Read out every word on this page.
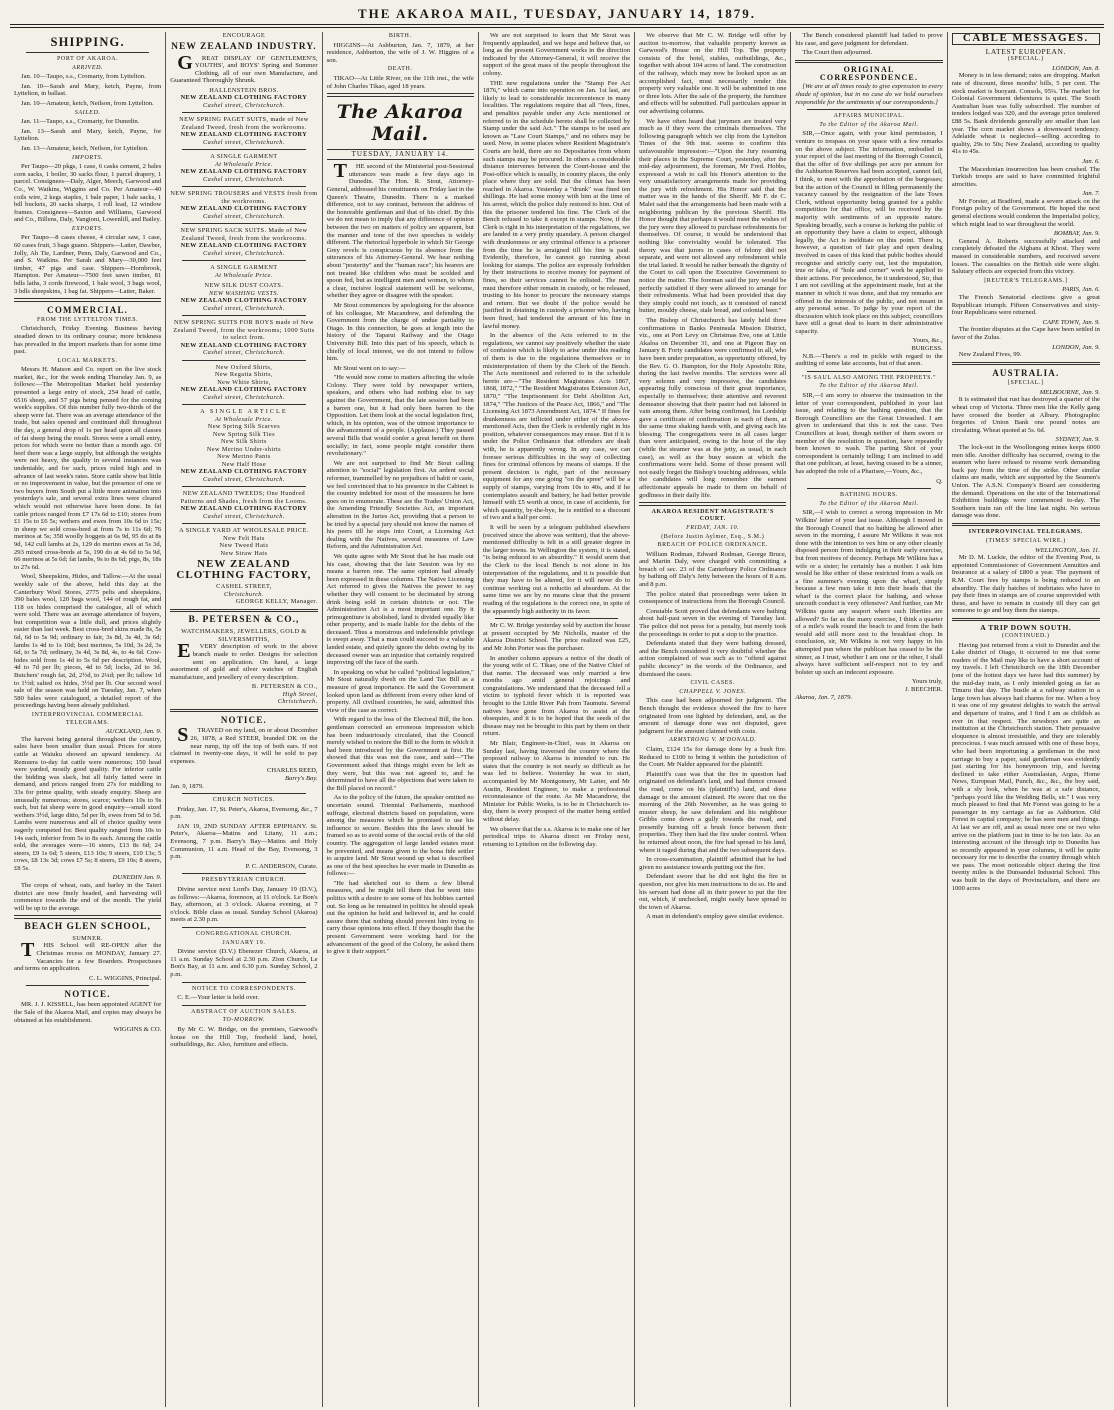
THE AKAROA MAIL, TUESDAY, JANUARY 14, 1879.
SHIPPING.
PORT OF AKAROA.
ARRIVED.

Jan. 10—Taupo, s.s., Cromarty, from Lyttelton.

Jan. 10—Sarah and Mary, ketch, Payne, from Lyttelton, in ballast.

Jan. 10—Amateur, ketch, Neilson, from Lyttelton.

SAILED.

Jan. 11—Taupo, s.s., Cromarty, for Dunedin.

Jan. 13—Sarah and Mary, ketch, Payne, for Lyttelton.

Jan. 13—Amateur, ketch, Neilson, for Lyttelton.

IMPORTS.

Per Taupo—20 pkgs, 1 case, 6 casks cement, 2 bales corn sacks, 1 boiler, 30 sacks flour, 1 parcel drapery, 1 parcel. Consignees—Daly, Alger, Meech, Garwood and Co., W. Watkins, Wiggins and Co. Per Amateur—40 coils wire, 2 kegs staples, 1 bale paper, 1 bale sacks, 1 bdl buckets, 20 sacks sharps, 1 roll lead, 12 window frames. Consignees—Saxton and Williams, Garwood and Co., Billens, Daly, Vangioni, Lowenlill, and Bailey.

EXPORTS.

Per Taupo—8 cases cheese, 4 circular saw, 1 case, 60 cases fruit, 3 bags guano. Shippers—Latter, Dawber, Jolly, Ah Tie, Lardner, Penn, Daly, Garwood and Co., and S. Watkins. Per Sarah and Mary—30,000 feet timber, 47 pigs and case. Shippers—Hornbrook, Hampton. Per Amateur—7500 feet sawn timber, 81 bdls laths, 3 cords firewood, 1 bale wool, 3 bags wool, 3 bdls sheepskins, 1 bag fat. Shippers—Latter, Baker.

COMMERCIAL.
FROM THE LYTTELTON TIMES.

Christchurch, Friday Evening. Business having steadied down to its ordinary course; more briskness has prevailed in the import markets than for some time past.

LOCAL MARKETS.

Messrs H. Matson and Co. report on the live stock market, &c., for the week ending Thursday Jan. 9, as follows:—The Metropolitan Market held yesterday presented a large entry of stock, 254 head of cattle, 6516 sheep, and 57 pigs being penned for the coming week's supplies. Of this number fully two-thirds of the sheep were fat. There was an average attendance of the trade, but sales opened and continued dull throughout the day, a general drop of 1s per head upon all classes of fat sheep being the result. Stores were a small entry, prices for which were no better than a month ago. Of beef there was a large supply, but although the weights were not heavy, the quality in several instances was undeniable, and for such, prices ruled high and in advance of last week's rates. Store cattle show but little or no improvement in value, but the presence of one or two buyers from South put a little more animation into yesterday's sale, and several extra lines were cleared which would not otherwise have been done. In fat cattle prices ranged from £7 17s 6d to £10; stores from £1 15s to £6 5s; wethers and ewes from 10s 6d to 15s; in sheep we sold cross-bred at from 7s to 11s 6d; 76 merinos at 5s; 358 woolly hoggets at 6s 9d, 95 do at 8s 9d, 142 cull lambs at 2s, 129 do merino ewes at 5s 3d, 293 mixed cross-breds at 5s, 190 do at 4s 6d to 5s 9d, 66 merinos at 5s 6d; fat lambs, 9s to 8s 6d; pigs, 8s, 18s to 27s 6d.

Wool, Sheepskins, Hides, and Tallow.—At the usual weekly sale of the above, held this day at the Canterbury Wool Stores, 2775 pelts and sheepskins, 390 bales wool, 120 bags wool, 144 of rough fat, and 118 ox hides comprised the catalogue, all of which were sold. There was an average attendance of buyers, but competition was a little dull, and prices slightly easier than last week. Best cross-bred skins made 8s, 5s 6d, 6d to 5s 9d; ordinary to fair, 3s 8d, 3s 4d, 3s 6d; lambs 1s 4d to 1s 10d; best merinos, 5s 10d, 3s 2d, 3s 6d, to 5s 7d; ordinary, 3s 4d, 3s 8d, 4s, to 4s 6d. Cow-hides sold from 1s 4d to 5s 6d per description. Wool, 4d to 7d per lb; pieces, 4d to 5d; locks, 2d to 3d. Butchers' rough fat, 2d, 2½d, to 2¼d; per lb; tallow 1d to 1½d; salted ox hides, 3½d per lb. Our second wool sale of the season was held on Tuesday, Jan. 7, when 580 bales were catalogued, a detailed report of the proceedings having been already published.

INTERPROVINCIAL COMMERCIAL TELEGRAMS.
AUCKLAND, Jan. 9.

The harvest being general throughout the country, sales have been smaller than usual. Prices for store cattle at Waiuku showed an upward tendency. At Remuera to-day fat cattle were numerous; 150 head were yarded, mostly good quality. For inferior cattle the bidding was slack, but all fairly fatted were in demand, and prices ranged from 27s for middling to 33s for prime quality, with steady enquiry. Sheep are unusually numerous; stores, scarce; wethers 10s to 9s each, but fat sheep were in good enquiry—small sized wethers 3½d, large ditto, 5d per lb, ewes from 5d to 5d. Lambs were numerous and all of choice quality were eagerly competed for. Best quality ranged from 10s to 14s each, inferior from 5s to 8s each. Among the cattle sold, the averages were—16 steers, £13 8s 6d; 24 steers, £9 1s 6d; 5 steers, £13 10s; 9 steers, £10 13s; 5 cows, £8 13s 3d; cows £7 5s; 8 steers, £9 10s; 8 steers, £8 5s.

DUNEDIN Jan. 9.

The crops of wheat, oats, and barley in the Taieri district are now finely headed, and harvesting will commence towards the end of the month. The yield will be up to the average.

BEACH GLEN SCHOOL,
SUMNER.

THIS School will RE-OPEN after the Christmas recess on MONDAY, January 27. Vacancies for a few Boarders. Prospectuses and terms on application.

C. L. WIGGINS, Principal.
NOTICE.

MR. J. J. KISSELL, has been appointed AGENT for the Sale of the Akaroa Mail, and copies may always be obtained at his establishment.

WIGGINS & CO.
ENCOURAGE
NEW ZEALAND INDUSTRY.

GREAT DISPLAY OF GENTLEMEN'S, YOUTHS', and BOYS' Spring and Summer Clothing, all of our own Manufacture, and Guaranteed Thoroughly Shrunk.

HALLENSTEIN BROS.
NEW ZEALAND CLOTHING FACTORY
Cashel street, Christchurch.
NEW SPRING PAGET SUITS, made of New Zealand Tweed, fresh from the workrooms.
NEW ZEALAND CLOTHING FACTORY
Cashel street, Christchurch.
A SINGLE GARMENT
At Wholesale Price.
NEW ZEALAND CLOTHING FACTORY
Cashel street, Christchurch.
NEW SPRING TROUSERS and VESTS fresh from the workrooms.
NEW ZEALAND CLOTHING FACTORY
Cashel street, Christchurch.
NEW SPRING SACK SUITS. Made of New Zealand Tweed, fresh from the workrooms.
NEW ZEALAND CLOTHING FACTORY
Cashel street, Christchurch.
A SINGLE GARMENT
At Wholesale Price.
NEW SILK DUST COATS.
NEW WASHING VESTS.
NEW ZEALAND CLOTHING FACTORY
Cashel street, Christchurch.
NEW SPRING SUITS FOR BOYS made of New Zealand Tweed, from the workrooms; 1000 Suits to select from.
NEW ZEALAND CLOTHING FACTORY
Cashel street, Christchurch.
New Oxford Shirts,
New Regatta Shirts,
New White Shirts,
NEW ZEALAND CLOTHING FACTORY
Cashel street, Christchurch.
A SINGLE ARTICLE
At Wholesale Price.
New Spring Silk Scarves
New Spring Silk Ties
New Silk Shirts
New Merino Under-shirts
New Merino Pants
New Half Hose
NEW ZEALAND CLOTHING FACTORY
Cashel street, Christchurch.
NEW ZEALAND TWEEDS; One Hundred Patterns and Shades, fresh from the Looms.
NEW ZEALAND CLOTHING FACTORY
Cashel street, Christchurch.
A SINGLE YARD AT WHOLESALE PRICE.
New Felt Hats
New Tweed Hats
New Straw Hats
NEW ZEALAND CLOTHING FACTORY,
CASHEL STREET,
Christchurch.
GEORGE KELLY, Manager.
B. PETERSEN & CO.,
WATCHMAKERS, JEWELLERS, GOLD & SILVERSMITHS,

EVERY description of work in the above branch made to order. Designs for selection sent on application. On hand, a large assortment of gold and silver watches of English manufacture, and jewellery of every description.

B. PETERSEN & CO.,
High Street,
Christchurch.
NOTICE.

STRAYED on my land, on or about December 26, 1878, a Red STEER, branded DK on the near rump, tip off the top of both ears. If not claimed in twenty-one days, it will be sold to pay expenses.

CHARLES REED,
Barry's Bay.
Jan. 9, 1879.
CHURCH NOTICES.

Friday, Jan. 17, St. Peter's, Akaroa, Evensong, &c., 7 p.m.

JAN 19, 2ND SUNDAY AFTER EPIPHANY. St. Peter's, Akaroa—Matins and Litany, 11 a.m.; Evensong, 7 p.m. Barry's Bay—Matins and Holy Communion, 11 a.m. Head of the Bay, Evensong, 3 p.m.

P. C. ANDERSON, Curate.
PRESBYTERIAN CHURCH.

Divine service next Lord's Day, January 19 (D.V.), as follows:—Akaroa, forenoon, at 11 o'clock. Le Bon's Bay, afternoon, at 3 o'clock. Akaroa evening, at 7 o'clock. Bible class as usual. Sunday School (Akaroa) meets at 2.30 p.m.

CONGREGATIONAL CHURCH.
JANUARY 19.

Divine service (D.V.) Ebenezer Church, Akaroa, at 11 a.m. Sunday School at 2.30 p.m. Zion Church, Le Bon's Bay, at 11 a.m. and 6.30 p.m. Sunday School, 2 p.m.

NOTICE TO CORRESPONDENTS.

C. E.—Your letter is held over.

ABSTRACT OF AUCTION SALES.
TO-MORROW.

By Mr C. W. Bridge, on the premises, Garwood's house on the Hill Top, freehold land, hotel, outbuildings, &c. Also, furniture and effects.

BIRTH.

HIGGINS—At Ashburton, Jan. 7, 1879, at her residence, Ashburton, the wife of J. W. Higgins of a son.

DEATH.

TIKAO—At Little River, on the 11th inst., the wife of John Charles Tikao, aged 18 years.

The Akaroa Mail.
TUESDAY, JANUARY 14.

THE second of the Ministerial post-Sessional utterances was made a few days ago in Dunedin. The Hon. R. Stout, Attorney-General, addressed his constituents on Friday last in the Queen's Theatre, Dunedin. There is a marked difference, not to say contrast, between the address of the honorable gentleman and that of his chief. By this we do not mean to imply that any difference of opinion between the two on matters of policy are apparent, but the manner and tone of the two speeches is widely different. The rhetorical hyperbole in which Sir George Grey revels is conspicuous by its absence from the utterances of his Attorney-General. We hear nothing about "posterity" and the "human race"; his hearers are not treated like children who must be scolded and spoon fed, but as intelligent men and women, to whom a clear, incisive logical statement will be welcome, whether they agree or disagree with the speaker.

Mr Stout commences by apologising for the absence of his colleague, Mr Macandrew, and defending the Government from the charge of undue partiality to Otago. In this connection, he goes at length into the history of the Taparui Railway and the Otago University Bill. Into this part of his speech, which is chiefly of local interest, we do not intend to follow him.

Mr Stout went on to say:—

"He would now come to matters affecting the whole Colony. They were told by newspaper writers, speakers, and others who had nothing else to say against the Government, that the late session had been a barren one, but it had only been barren to the Opposition. Let them look at the social legislation first, which, in his opinion, was of the utmost importance to the advancement of a people. (Applause.) They passed several Bills that would confer a great benefit on them socially; in fact, some people might consider them revolutionary."

We are not surprised to find Mr Stout calling attention to "social" legislation first. An ardent social reformer, trammelled by no prejudices of habit or caste, we feel convinced that to his presence in the Cabinet is the country indebted for most of the measures he here goes on to enumerate. These are the Trades' Union Act, the Amending Friendly Societies Act, an important alteration in the Juries Act, providing that a person to be tried by a special jury should not know the names of his peers till he steps into Court, a Licensing Act dealing with the Natives, several measures of Law Reform, and the Administration Act.

We quite agree with Mr Stout that he has made out his case, showing that the late Session was by no means a barren one. The same opinion had already been expressed in these columns. The Native Licensing Act referred to gives the Natives the power to say whether they will consent to be decimated by strong drink being sold in certain districts or not. The Administration Act is a most important one. By it primogeniture is abolished, land is divided equally like other property, and is made liable for the debts of the deceased. Thus a monstrous and indefensible privilege is swept away. That a man could succeed to a valuable landed estate, and quietly ignore the debts owing by its deceased owner was an injustice that certainly required improving off the face of the earth.

In speaking on what he called "political legislation," Mr Stout naturally dwelt on the Land Tax Bill as a measure of great importance. He said the Government looked upon land as different from every other kind of property. All civilised countries, he said, admitted this view of the case as correct.

With regard to the loss of the Electoral Bill, the hon. gentleman corrected an erroneous impression which has been industriously circulated, that the Council merely wished to restore the Bill to the form in which it had been introduced by the Government at first. He showed that this was not the case, and said—"The Government asked that things might even be left as they were, but this was not agreed to, and he determined to have all the objections that were taken to the Bill placed on record."

As to the policy of the future, the speaker omitted no uncertain sound. Triennial Parliaments, manhood suffrage, electoral districts based on population, were among the measures which he promised to use his influence to secure. Besides this the laws should be framed so as to avoid some of the social evils of the old country. The aggregation of large landed estates must be prevented, and means given to the bona fide settler to acquire land. Mr Stout wound up what is described as one of the best speeches he ever made in Dunedin as follows:—

"He had sketched out to them a few liberal measures, and he might tell them that he went into politics with a desire to see some of his hobbies carried out. So long as he remained in politics he should speak out the opinion he held and believed in, and he could assure them that nothing should prevent him trying to carry those opinions into effect. If they thought that the present Government were working hard for the advancement of the good of the Colony, he asked them to give it their support."

We are not surprised to learn that Mr Stout was frequently applauded, and we hope and believe that, so long as the present Government works in the direction indicated by the Attorney-General, it will receive the support of the great mass of the people throughout the colony.

THE new regulations under the "Stamp Fee Act 1876," which came into operation on Jan. 1st last, are likely to lead to considerable inconvenience in many localities. The regulations require that all "fees, fines, and penalties payable under any Acts mentioned or referred to in the schedule hereto shall be collected by Stamp under the said Act." The stamps to be used are known as "Law Court Stamps," and no others may be used. Now, in some places where Resident Magistrate's Courts are held, there are no Depositaries from whom such stamps may be procured. In others a considerable distance intervenes between the Court-house and the Post-office which is usually, in country places, the only place where they are sold. But the climax has been reached in Akaroa. Yesterday a "drunk" was fined ten shillings. He had some money with him at the time of his arrest, which the police duly restored to him. Out of this the prisoner tendered his fine. The Clerk of the Bench refused to take it except in stamps. Now, if the Clerk is right in his interpretation of the regulations, we are landed in a very pretty quandary. A person charged with drunkenness or any criminal offence is a prisoner from the time he is arraigned till his fine is paid. Evidently, therefore, he cannot go running about looking for stamps. The police are expressly forbidden by their instructions to receive money for payment of fines, so their services cannot be enlisted. The man must therefore either remain in custody, or be released, trusting to his honor to procure the necessary stamps and return. But we doubt if the police would be justified in detaining in custody a prisoner who, having been fined, had tendered the amount of his fine in lawful money.

In the absence of the Acts referred to in the regulations, we cannot say positively whether the state of confusion which is likely to arise under this reading of them is due to the regulations themselves or to misinterpretation of them by the Clerk of the Bench. The Acts mentioned and referred to in the schedule hereto are—"The Resident Magistrates Acts 1867, 1868, 1872," "The Resident Magistrates Extension Act, 1870," "The Imprisonment for Debt Abolition Act, 1874," "The Justices of the Peace Act, 1866," and "The Licensing Act 1873 Amendment Act, 1874." If fines for drunkenness are inflicted under either of the above-mentioned Acts, then the Clerk is evidently right in his position, whatever consequences may ensue. But if it is under the Police Ordinance that offenders are dealt with, he is apparently wrong. In any case, we can foresee serious difficulties in the way of collecting fines for criminal offences by means of stamps. If the present decision is right, part of the necessary equipment for any one going "on the spree" will be a supply of stamps, varying from 10s to 40s, and if he contemplates assault and battery, he had better provide himself with £5 worth at once, in case of accidents, for which quantity, by-the-bye, he is entitled to a discount of two and a half per cent.

It will be seen by a telegram published elsewhere (received since the above was written), that the above-mentioned difficulty is felt in a still greater degree in the larger towns. In Wellington the system, it is stated, "is being reduced to an absurdity." It would seem that the Clerk to the local Bench is not alone in his interpretation of the regulations, and it is possible that they may have to be altered, for it will never do to continue working out a reductio ad absurdum. At the same time we are by no means clear that the present reading of the regulations is the correct one, in spite of the apparently high authority in its favor.

Mr C. W. Bridge yesterday sold by auction the house at present occupied by Mr Nicholls, master of the Akaroa District School. The price realized was £25, and Mr John Porter was the purchaser.

In another column appears a notice of the death of the young wife of C. Tikao, one of the Native Chief of that name. The deceased was only married a few months ago amid general rejoicings and congratulations. We understand that the deceased fell a victim to typhoid fever which it is reported was brought to the Little River Pah from Taumutu. Several natives have gone from Akaroa to assist at the obsequies, and it is to be hoped that the seeds of the disease may not be brought to this part by them on their return.

Mr Blair, Engineer-in-Chief, was in Akaroa on Sunday last, having traversed the country where the proposed railway to Akaroa is intended to run. He states that the country is not nearly so difficult as he was led to believe. Yesterday he was to start, accompanied by Mr Montgomery, Mr Latter, and Mr Austin, Resident Engineer, to make a professional reconnaissance of the route. As Mr Macandrew, the Minister for Public Works, is to be in Christchurch to-day, there is every prospect of the matter being settled without delay.

We observe that the s.s. Akaroa is to make one of her periodical trips to Akaroa direct on Friday next, returning to Lyttelton on the following day.

We observe that Mr C. W. Bridge will offer by auction to-morrow, that valuable property known as Garwood's House on the Hill Top. The property consists of the hotel, stables, outbuildings, &c., together with about 104 acres of land. The construction of the railway, which may now be looked upon as an accomplished fact, must necessarily render this property very valuable one. It will be submitted in one or three lots. After the sale of the property, the furniture and effects will be submitted. Full particulars appear in our advertising columns.

We have often heard that jurymen are treated very much as if they were the criminals themselves. The following paragraph which we clip from the Lyttelton Times of the 9th inst. seems to confirm this unfavourable impression:—"Upon the Jury resuming their places in the Supreme Court, yesterday, after the mid-day adjournment, the foreman, Mr Fred. Hobbs, expressed a wish to call his Honor's attention to the very unsatisfactory arrangements made for providing the jury with refreshment. His Honor said that the matter was in the hands of the Sheriff. Mr F. de C. Malet said that the arrangements had been made with a neighboring publican by the previous Sheriff. His Honor thought that perhaps it would meet the wishes of the jury were they allowed to purchase refreshments for themselves. Of course, it would be understood that nothing like conviviality would be tolerated. The theory was that jurors in cases of felony did not separate, and were not allowed any refreshment while the trial lasted. It would be rather beneath the dignity of the Court to call upon the Executive Government to notice the matter. The foreman said the jury would be perfectly satisfied if they were allowed to arrange for their refreshments. What had been provided that day they simply could not touch, as it consisted of rancid butter, mouldy cheese, stale bread, and colonial beer."

The Bishop of Christchurch has lately held three confirmations in Banks Peninsula Mission District, viz., one at Port Levy on Christmas Eve, one at Little Akaloa on December 31, and one at Pigeon Bay on January 8. Forty candidates were confirmed in all, who have been under preparation, as opportunity offered, by the Rev. G. O. Hampton, for the Holy Apostolic Rite, during the last twelve months. The services were all very solemn and very impressive, the candidates appearing fully conscious of their great importance, especially to themselves; their attentive and reverent demeanor showing that their pastor had not labored in vain among them. After being confirmed, his Lordship gave a certificate of confirmation to each of them, at the same time shaking hands with, and giving each his blessing. The congregations were in all cases larger than were anticipated, owing to the hour of the day (while the steamer was at the jetty, as usual, in each case), as well as the busy season at which the confirmations were held. Some of those present will not easily forget the Bishop's touching addresses, while the candidates will long remember the earnest affectionate appeals he made to them on behalf of godliness in their daily life.

AKAROA RESIDENT MAGISTRATE'S COURT.
FRIDAY, JAN. 10.
(Before Justin Aylmer, Esq., S.M.)
BREACH OF POLICE ORDINANCE.

William Rodman, Edward Rodman, George Bruce, and Martin Daly, were charged with committing a breach of sec. 23 of the Canterbury Police Ordinance by bathing off Daly's Jetty between the hours of 8 a.m. and 8 p.m.

The police stated that proceedings were taken in consequence of instructions from the Borough Council.

Constable Scott proved that defendants were bathing about half-past seven in the evening of Tuesday last. The police did not press for a penalty, but merely took the proceedings in order to put a stop to the practice.

Defendants stated that they were bathing dressed, and the Bench considered it very doubtful whether the action complained of was such as to "offend against public decency" in the words of the Ordinance, and dismissed the cases.

CIVIL CASES.
CHAPPELL V. JONES.

This case had been adjourned for judgment. The Bench thought the evidence showed the fire to have originated from one lighted by defendant, and, as the amount of damage done was not disputed, gave judgment for the amount claimed with costs.

ARMSTRONG V. M'DONALD.

Claim, £124 15s for damage done by a bush fire. Reduced to £100 to bring it within the jurisdiction of the Court. Mr Nalder appeared for the plaintiff.

Plaintiff's case was that the fire in question had originated on defendant's land, and had thence crossed the road, come on his (plaintiff's) land, and done damage to the amount claimed. He swore that on the morning of the 26th November, as he was going to muster sheep, he saw defendant and his neighbour Gribbs come down a gully towards the road, and presently burning off a brush fence between their properties. They then had the fire under control. When he returned about noon, the fire had spread to his land, where it raged during that and the two subsequent days.

In cross-examination, plaintiff admitted that he had given no assistance towards putting out the fire.

Defendant swore that he did not light the fire in question, nor give his men instructions to do so. He and his servant had done all in their power to put the fire out, which, if unchecked, might easily have spread to the town of Akaroa.

A man in defendant's employ gave similar evidence.

The Bench considered plaintiff had failed to prove his case, and gave judgment for defendant.

The Court then adjourned.

ORIGINAL CORRESPONDENCE.

[We are at all times ready to give expression to every shade of opinion, but in no case do we hold ourselves responsible for the sentiments of our correspondents.]

AFFAIRS MUNICIPAL.
To the Editor of the Akaroa Mail.

SIR,—Once again, with your kind permission, I venture to trespass on your space with a few remarks on the above subject. The information, embodied in your report of the last meeting of the Borough Council, that the offer of five shillings per acre per annum for the Ashburton Reserves had been accepted, cannot fail, I think, to meet with the approbation of the burgesses; but the action of the Council in filling permanently the vacancy caused by the resignation of the late Town Clerk, without opportunity being granted for a public competition for that office, will be received by the majority with sentiments of an opposite nature. Speaking broadly, such a course is lurking the public of an opportunity they have a claim to expect, although legally, the Act is inelditate on this point. There is, however, a question of fair play and open dealing involved in cases of this kind that public bodies should recognise and strictly carry out, lest the imputation, true or false, of "hole and corner" work be applied to their actions. For precedence, be it understood, Sir, that I am not cavilling at the appointment made, but at the manner in which it was done, and that my remarks are offered in the interests of the public, and not meant in any personal sense. To judge by your report of the discussion which took place on this subject, councillors have still a great deal to learn in their administrative capacity.

Yours, &c.,
BURGESS.

N.B.—There's a rod in pickle with regard to the auditing of some late accounts, but of that anon.

"IS SAUL ALSO AMONG THE PROPHETS."
To the Editor of the Akaroa Mail.

SIR,—I am sorry to observe the insinuation in the letter of your correspondent, published in your last issue, and relating to the bathing question, that the Borough Councillors are the Great Unwashed. I am given to understand that this is not the case. Two Councillors at least, though neither of them sworn or member of the resolution in question, have repeatedly been known to wash. The parting Shot of your correspondent is certainly telling; I am inclined to add that one publican, at least, having ceased to be a sinner, has adopted the role of a Pharisee,—Yours, &c.,

Q.
BATHING HOURS.
To the Editor of the Akaroa Mail.

SIR,—I wish to correct a wrong impression in Mr Wilkins' letter of your last issue. Although I moved in the Borough Council that no bathing be allowed after seven in the morning, I assure Mr Wilkins it was not done with the intention to vex him or any other cleanly disposed person from indulging in their early exercise, but from motives of decency. Perhaps Mr Wilkins has a wife or a sister; he certainly has a mother. I ask him would he like either of these restricted from a walk on a fine summer's evening upon the wharf, simply because a few men take it into their heads that the wharf is the correct place for bathing, and whose uncouth conduct is very offensive? And further, can Mr Wilkins quote any seaport where such liberties are allowed? So far as the many exercise, I think a quarter of a mile's walk round the beach to and from the bath would add still more zest to the breakfast chop. In conclusion, sir, Mr Wilkins is not very happy in his attempted pun where the publican has ceased to be the sinner, as I trust, whether I am one or the other, I shall always have sufficient self-respect not to try and bolster up such an indecent exposure.

Yours truly,
J. BEECHER.
Akaroa, Jan. 7, 1879.
CABLE MESSAGES.
LATEST EUROPEAN.
(SPECIAL.)
LONDON, Jan. 8.

Money is in less demand; rates are dropping. Market rate of discount, three months' bills, 5 per cent. The stock market is buoyant. Consols, 95¼. The market for Colonial Government debentures is quiet. The South Australian loan was fully subscribed. The number of tenders lodged was 320, and the average price tendered £88 5s. Bank dividends generally are smaller than last year. The corn market shows a downward tendency. Adelaide wheat is neglected—selling according to quality, 29s to 50s; New Zealand, according to quality 41s to 45s.

Jan. 6.

The Macedonian insurrection has been crushed. The Turkish troops are said to have committed frightful atrocities.

Jan. 7.

Mr Forster, at Bradford, made a severe attack on the Foreign policy of the Government. He hoped the next general elections would condemn the Imperialist policy, which might lead to war throughout the world.

BOMBAY, Jan. 9.

General A. Roberts successfully attacked and completely defeated the Afghans at Khost. They were massed in considerable numbers, and received severe losses. The casualties on the British side were slight. Salutary effects are expected from this victory.

[REUTER'S TELEGRAMS.]
PARIS, Jan. 6.

The French Senatorial elections give a great Republican triumph. Fifteen Conservatives and sixty-four Republicans were returned.

CAPE TOWN, Jan. 9.

The frontier disputes at the Cape have been settled in favor of the Zulus.

LONDON, Jan. 9.

New Zealand Fives, 99.

AUSTRALIA.
[SPECIAL.]
MELBOURNE, Jan. 9.

It is estimated that rust has destroyed a quarter of the wheat crop of Victoria. Three men like the Kelly gang have crossed the border at Albury. Photographic forgeries of Union Bank one pound notes are circulating. Wheat quoted at 5s. 6d.

SYDNEY, Jan. 9.

The lock-out in the Woollongong mines keeps 6000 men idle. Another difficulty has occurred, owing to the seamen who have refused to resume work demanding back pay from the time of the strike. Other similar claims are made, which are supported by the Seamen's Union. The A.S.N. Company's Board are considering the demand. Operations on the site of the International Exhibition buildings were commenced to-day. The Southern train ran off the line last night. No serious damage was done.

INTERPROVINCIAL TELEGRAMS.
(TIMES' SPECIAL WIRE.)
WELLINGTON, Jan. 11.

Mr D. M. Luckie, the editor of the Evening Post, is appointed Commissioner of Government Annuities and Insurance at a salary of £800 a year. The payment of R.M. Court fees by stamps is being reduced to an absurdity. The daily batches of inebriates who have to pay their fines in stamps are of course unprovided with these, and have to remain in custody till they can get someone to go and buy them the stamps.

A TRIP DOWN SOUTH.
(CONTINUED.)

Having just returned from a visit to Dunedin and the Lake district of Otago, it occurred to me that some readers of the Mail may like to have a short account of my travels. I left Christchurch on the 18th December (one of the hottest days we have had this summer) by the mid-day train, as I only intended going as far as Timaru that day. The bustle at a railway station in a large town has always had charms for me. When a boy it was one of my greatest delights to watch the arrival and departure of trains, and I find I am as childish as ever in that respect. The newsboys are quite an institution at the Christchurch station. Their persuasive eloquence is almost irresistible, and they are tolerably precocious. I was much amused with one of these boys, who had been importuning a gentleman in the next carriage to buy a paper, said gentleman was evidently just starting for his honeymoon trip, and having declined to take either Australasian, Argus, Home News, European Mail, Punch, &c., &c., the boy said, with a sly look, when he was at a safe distance, "perhaps you'd like the Wedding Bells, sir." I was very much pleased to find that Mr Forest was going to be a passenger in my carriage as far as Ashburton. Old Forest in capital company; he has seen men and things. At last we are off, and as usual more one or two who arrive on the platform just in time to be too late. As an interesting account of the through trip to Dunedin has so recently appeared in your columns, it will be quite necessary for me to describe the country through which we pass. The most noticeable object during the first twenty miles is the Dunsandel Industrial School. This was built in the days of Provincialism, and there are 1000 acres
